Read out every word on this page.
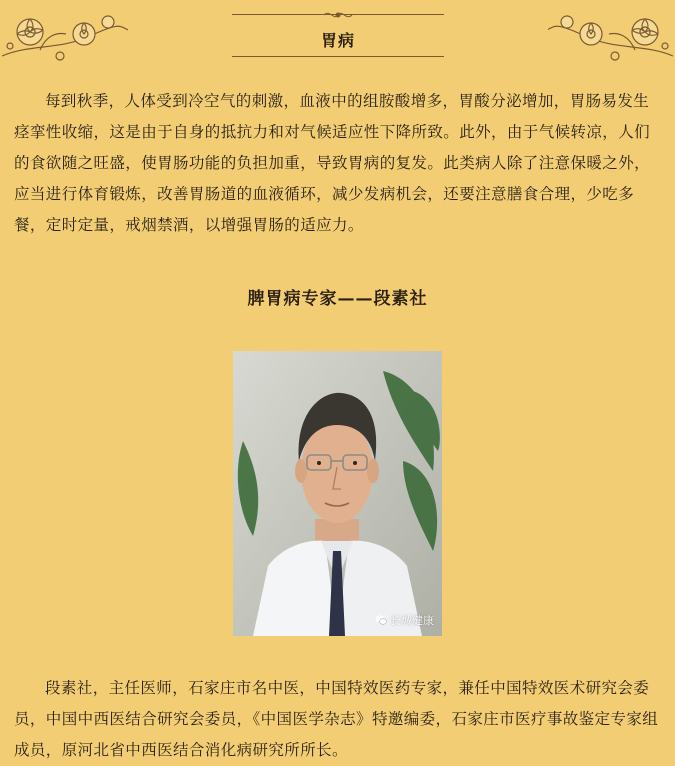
胃病

每到秋季，人体受到冷空气的刺激，血液中的组胺酸增多，胃酸分泌增加，胃肠易发生痉挛性收缩，这是由于自身的抵抗力和对气候适应性下降所致。此外，由于气候转凉，人们的食欲随之旺盛，使胃肠功能的负担加重，导致胃病的复发。此类病人除了注意保暖之外，应当进行体育锻炼，改善胃肠道的血液循环，减少发病机会，还要注意膳食合理，少吃多餐，定时定量，戒烟禁酒，以增强胃肠的适应力。

脾胃病专家——段素社
长城健康

段素社，主任医师，石家庄市名中医，中国特效医药专家，兼任中国特效医术研究会委员，中国中西医结合研究会委员，《中国医学杂志》特邀编委，石家庄市医疗事故鉴定专家组成员，原河北省中西医结合消化病研究所所长。
